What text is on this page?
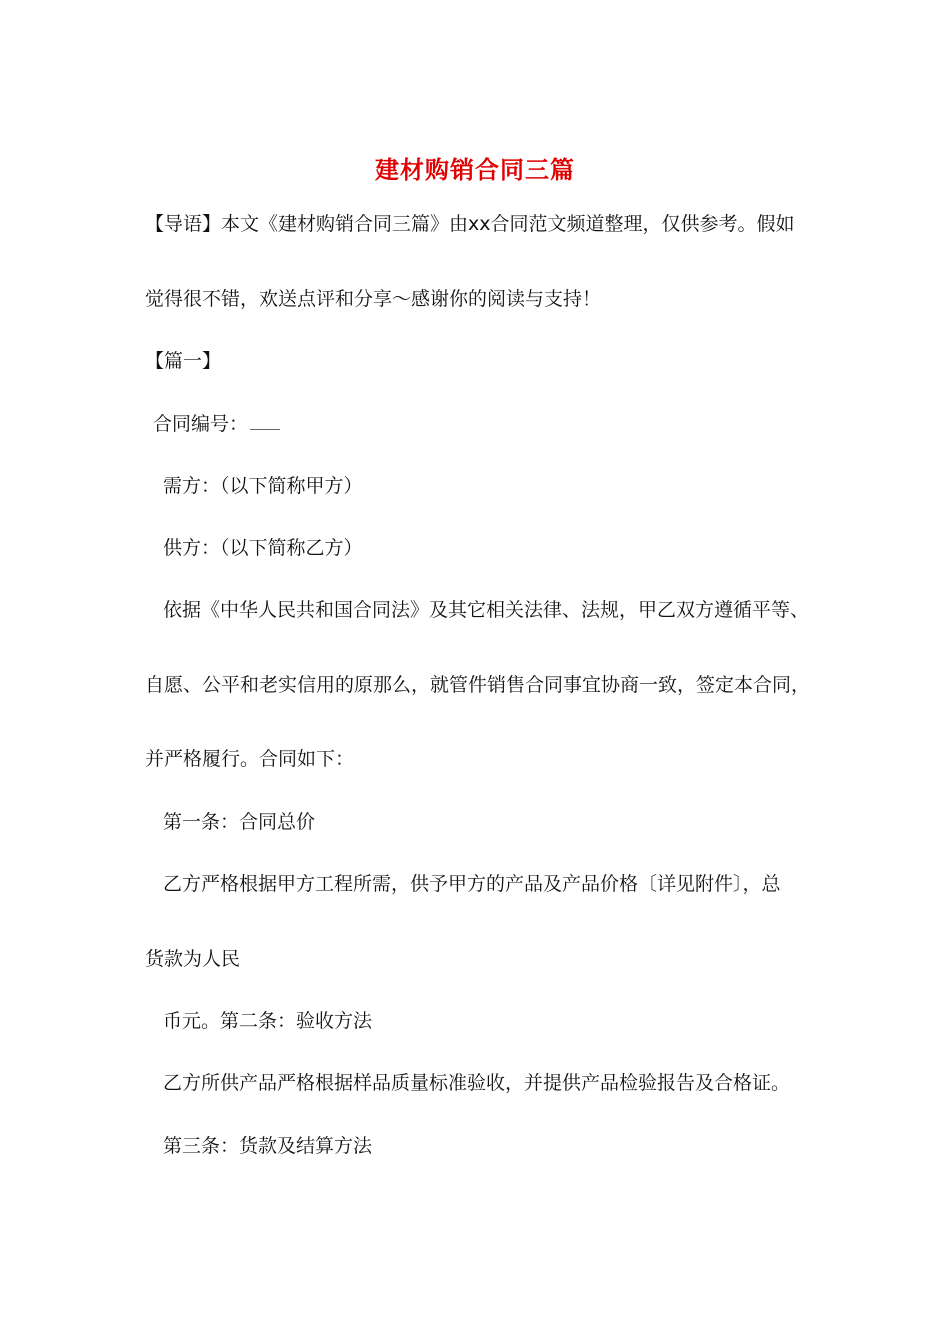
建材购销合同三篇
【导语】本文《建材购销合同三篇》由xx合同范文频道整理，仅供参考。假如
觉得很不错，欢送点评和分享～感谢你的阅读与支持！
【篇一】
合同编号：
需方：（以下简称甲方）
供方：（以下简称乙方）
依据《中华人民共和国合同法》及其它相关法律、法规，甲乙双方遵循平等、
自愿、公平和老实信用的原那么，就管件销售合同事宜协商一致，签定本合同，
并严格履行。合同如下：
第一条：合同总价
乙方严格根据甲方工程所需，供予甲方的产品及产品价格〔详见附件〕，总
货款为人民
币元。第二条：验收方法
乙方所供产品严格根据样品质量标准验收，并提供产品检验报告及合格证。
第三条：货款及结算方法
